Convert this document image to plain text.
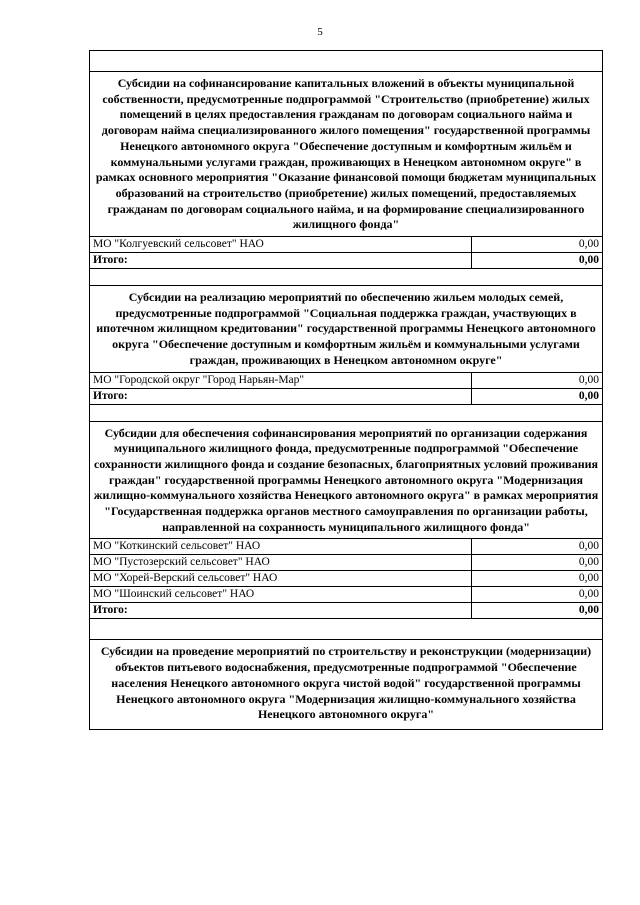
5

Субсидии на софинансирование капитальных вложений в объекты муниципальной собственности, предусмотренные подпрограммой "Строительство (приобретение) жилых помещений в целях предоставления гражданам по договорам социального найма и договорам найма специализированного жилого помещения" государственной программы Ненецкого автономного округа "Обеспечение доступным и комфортным жильём и коммунальными услугами граждан, проживающих в Ненецком автономном округе" в рамках основного мероприятия "Оказание финансовой помощи бюджетам муниципальных образований на строительство (приобретение) жилых помещений, предоставляемых гражданам по договорам социального найма, и на формирование специализированного жилищного фонда"	
МО "Колгуевский сельсовет" НАО	0,00
Итого:	0,00

Субсидии на реализацию мероприятий по обеспечению жильем молодых семей, предусмотренные подпрограммой "Социальная поддержка граждан, участвующих в ипотечном жилищном кредитовании" государственной программы Ненецкого автономного округа "Обеспечение доступным и комфортным жильём и коммунальными услугами граждан, проживающих в Ненецком автономном округе"	
МО "Городской округ "Город Нарьян-Мар"	0,00
Итого:	0,00

Субсидии для обеспечения софинансирования мероприятий по организации содержания муниципального жилищного фонда, предусмотренные подпрограммой "Обеспечение сохранности жилищного фонда и создание безопасных, благоприятных условий проживания граждан" государственной программы Ненецкого автономного округа "Модернизация жилищно-коммунального хозяйства Ненецкого автономного округа" в рамках мероприятия "Государственная поддержка органов местного самоуправления по организации работы, направленной на сохранность муниципального жилищного фонда"	
МО "Коткинский сельсовет" НАО	0,00
МО "Пустозерский сельсовет" НАО	0,00
МО "Хорей-Верский сельсовет" НАО	0,00
МО "Шоинский сельсовет" НАО	0,00
Итого:	0,00

Субсидии на проведение мероприятий по строительству и реконструкции (модернизации) объектов питьевого водоснабжения, предусмотренные подпрограммой "Обеспечение населения Ненецкого автономного округа чистой водой" государственной программы Ненецкого автономного округа "Модернизация жилищно-коммунального хозяйства Ненецкого автономного округа"	
